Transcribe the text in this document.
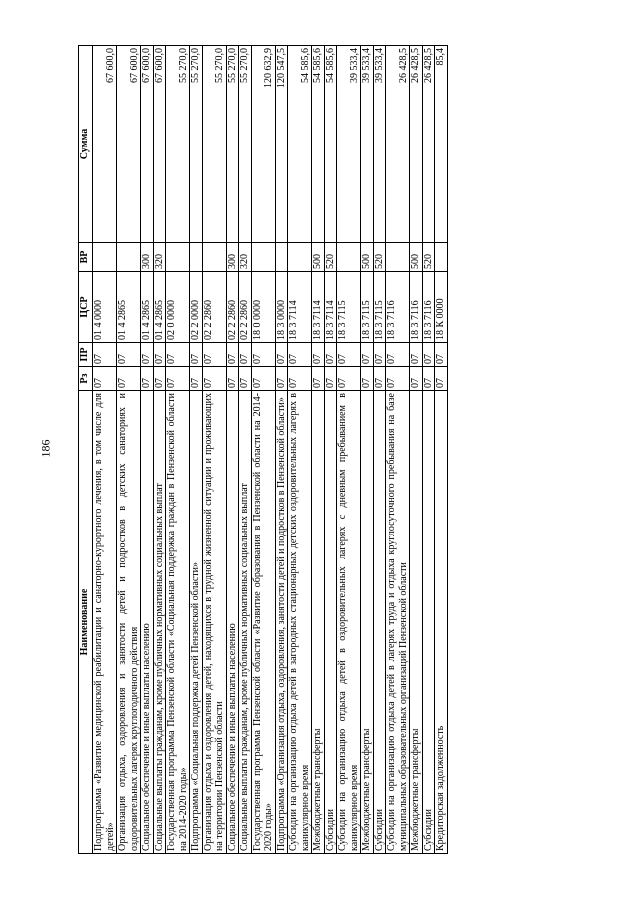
186
Наименование	Рз	ПР	ЦСР	ВР	Сумма
Подпрограмма «Развитие медицинской реабилитации и санаторно-курортного лечения, в том числе для детей»	07	07	01 4 0000		67 600,0
Организация отдыха, оздоровления и занятости детей и подростков в детских санаториях и оздоровительных лагерях круглогодичного действия	07	07	01 4 2865		67 600,0
Социальное обеспечение и иные выплаты населению	07	07	01 4 2865	300	67 600,0
Социальные выплаты гражданам, кроме публичных нормативных социальных выплат	07	07	01 4 2865	320	67 600,0
Государственная программа Пензенской области «Социальная поддержка граждан в Пензенской области на 2014-2020 годы»	07	07	02 0 0000		55 270,0
Подпрограмма «Социальная поддержка детей Пензенской области»	07	07	02 2 0000		55 270,0
Организация отдыха и оздоровления детей, находящихся в трудной жизненной ситуации и проживающих на территории Пензенской области	07	07	02 2 2860		55 270,0
Социальное обеспечение и иные выплаты населению	07	07	02 2 2860	300	55 270,0
Социальные выплаты гражданам, кроме публичных нормативных социальных выплат	07	07	02 2 2860	320	55 270,0
Государственная программа Пензенской области «Развитие образования в Пензенской области на 2014-2020 годы»	07	07	18 0 0000		120 632,9
Подпрограмма «Организация отдыха, оздоровления, занятости детей и подростков в Пензенской области»	07	07	18 3 0000		120 547,5
Субсидии на организацию отдыха детей в загородных стационарных детских оздоровительных лагерях в каникулярное время	07	07	18 3 7114		54 585,6
Межбюджетные трансферты	07	07	18 3 7114	500	54 585,6
Субсидии	07	07	18 3 7114	520	54 585,6
Субсидии на организацию отдыха детей в оздоровительных лагерях с дневным пребыванием в каникулярное время	07	07	18 3 7115		39 533,4
Межбюджетные трансферты	07	07	18 3 7115	500	39 533,4
Субсидии	07	07	18 3 7115	520	39 533,4
Субсидии на организацию отдыха детей в лагерях труда и отдыха круглосуточного пребывания на базе муниципальных образовательных организаций Пензенской области	07	07	18 3 7116		26 428,5
Межбюджетные трансферты	07	07	18 3 7116	500	26 428,5
Субсидии	07	07	18 3 7116	520	26 428,5
Кредиторская задолженность	07	07	18 К 0000		85,4
